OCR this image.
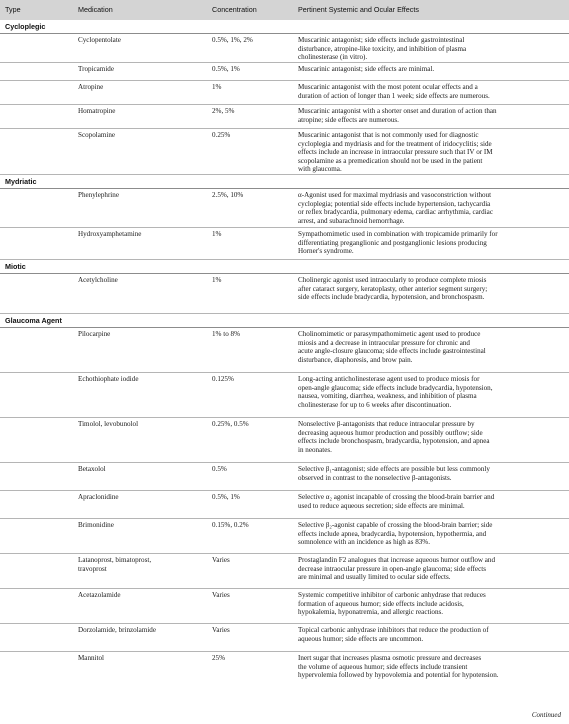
Type	Medication	Concentration	Pertinent Systemic and Ocular Effects
Cycloplegic
Cyclopentolate	0.5%, 1%, 2%	Muscarinic antagonist; side effects include gastrointestinal
disturbance, atropine-like toxicity, and inhibition of plasma
cholinesterase (in vitro).
Tropicamide	0.5%, 1%	Muscarinic antagonist; side effects are minimal.
Atropine	1%	Muscarinic antagonist with the most potent ocular effects and a
duration of action of longer than 1 week; side effects are numerous.
Homatropine	2%, 5%	Muscarinic antagonist with a shorter onset and duration of action than
atropine; side effects are numerous.
Scopolamine	0.25%	Muscarinic antagonist that is not commonly used for diagnostic
cycloplegia and mydriasis and for the treatment of iridocyclitis; side
effects include an increase in intraocular pressure such that IV or IM
scopolamine as a premedication should not be used in the patient
with glaucoma.
Mydriatic
Phenylephrine	2.5%, 10%	α-Agonist used for maximal mydriasis and vasoconstriction without
cycloplegia; potential side effects include hypertension, tachycardia
or reflex bradycardia, pulmonary edema, cardiac arrhythmia, cardiac
arrest, and subarachnoid hemorrhage.
Hydroxyamphetamine	1%	Sympathomimetic used in combination with tropicamide primarily for
differentiating preganglionic and postganglionic lesions producing
Horner's syndrome.
Miotic
Acetylcholine	1%	Cholinergic agonist used intraocularly to produce complete miosis
after cataract surgery, keratoplasty, other anterior segment surgery;
side effects include bradycardia, hypotension, and bronchospasm.
Glaucoma Agent
Pilocarpine	1% to 8%	Cholinomimetic or parasympathomimetic agent used to produce
miosis and a decrease in intraocular pressure for chronic and
acute angle-closure glaucoma; side effects include gastrointestinal
disturbance, diaphoresis, and brow pain.
Echothiophate iodide	0.125%	Long-acting anticholinesterase agent used to produce miosis for
open-angle glaucoma; side effects include bradycardia, hypotension,
nausea, vomiting, diarrhea, weakness, and inhibition of plasma
cholinesterase for up to 6 weeks after discontinuation.
Timolol, levobunolol	0.25%, 0.5%	Nonselective β-antagonists that reduce intraocular pressure by
decreasing aqueous humor production and possibly outflow; side
effects include bronchospasm, bradycardia, hypotension, and apnea
in neonates.
Betaxolol	0.5%	Selective β₁-antagonist; side effects are possible but less commonly
observed in contrast to the nonselective β-antagonists.
Apraclonidine	0.5%, 1%	Selective α₂ agonist incapable of crossing the blood-brain barrier and
used to reduce aqueous secretion; side effects are minimal.
Brimonidine	0.15%, 0.2%	Selective β₂-agonist capable of crossing the blood-brain barrier; side
effects include apnea, bradycardia, hypotension, hypothermia, and
somnolence with an incidence as high as 83%.
Latanoprost, bimatoprost,
travoprost
Varies	Prostaglandin F2 analogues that increase aqueous humor outflow and
decrease intraocular pressure in open-angle glaucoma; side effects
are minimal and usually limited to ocular side effects.
Acetazolamide	Varies	Systemic competitive inhibitor of carbonic anhydrase that reduces
formation of aqueous humor; side effects include acidosis,
hypokalemia, hyponatremia, and allergic reactions.
Dorzolamide, brinzolamide	Varies	Topical carbonic anhydrase inhibitors that reduce the production of
aqueous humor; side effects are uncommon.
Mannitol	25%	Inert sugar that increases plasma osmotic pressure and decreases
the volume of aqueous humor; side effects include transient
hypervolemia followed by hypovolemia and potential for hypotension.
Continued
